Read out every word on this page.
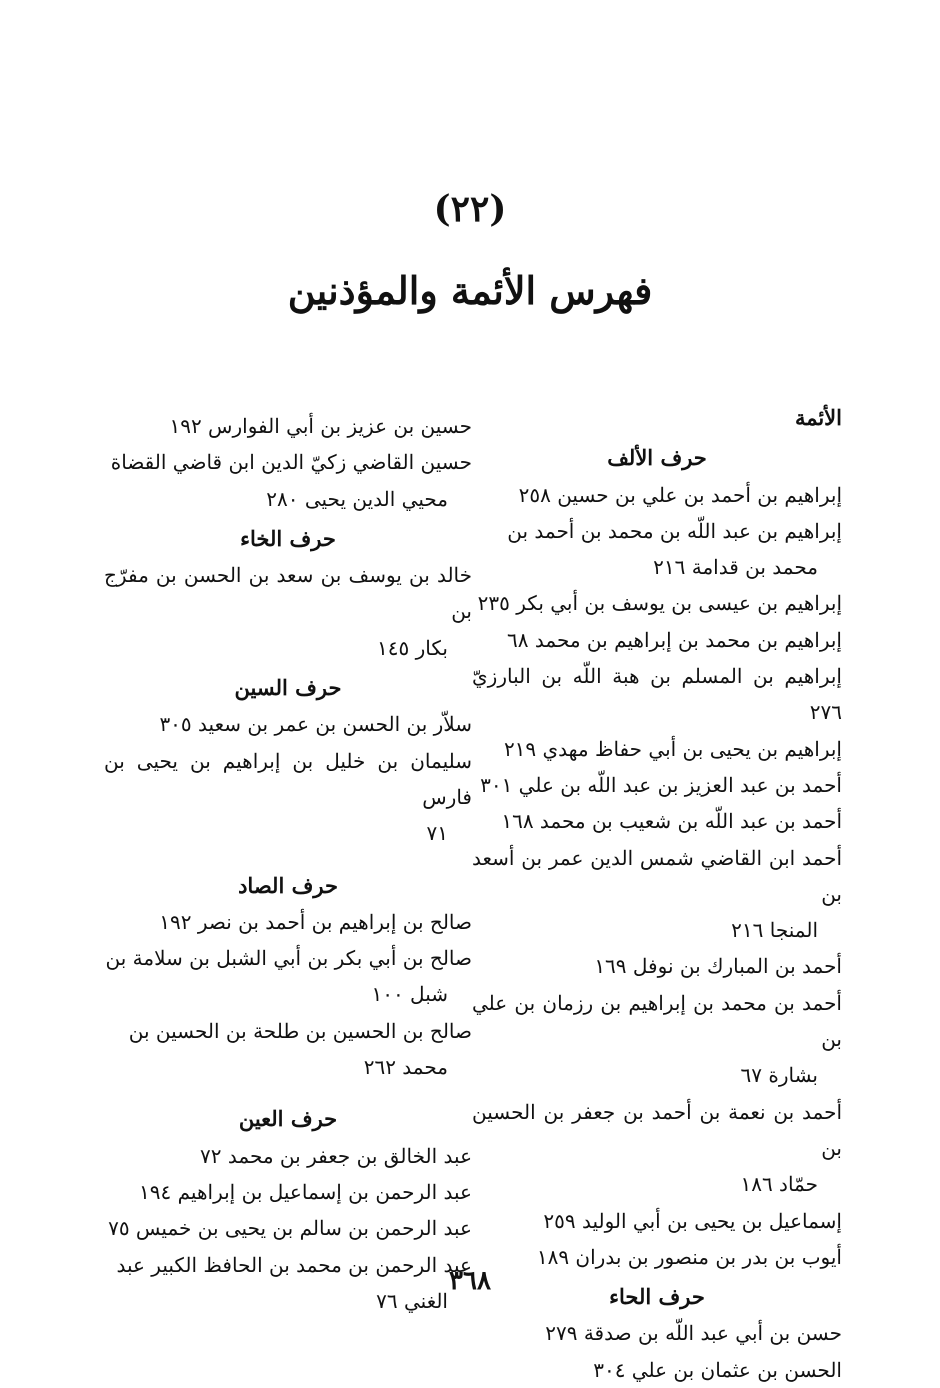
(٢٢)
فهرس الأئمة والمؤذنين
الأئمة
حرف الألف
إبراهيم بن أحمد بن علي بن حسين ٢٥٨
إبراهيم بن عبد اللّه بن محمد بن أحمد بن
محمد بن قدامة ٢١٦
إبراهيم بن عيسى بن يوسف بن أبي بكر ٢٣٥
إبراهيم بن محمد بن إبراهيم بن محمد ٦٨
إبراهيم بن المسلم بن هبة اللّه بن البارزيّ ٢٧٦
إبراهيم بن يحيى بن أبي حفاظ مهدي ٢١٩
أحمد بن عبد العزيز بن عبد اللّه بن علي ٣٠١
أحمد بن عبد اللّه بن شعيب بن محمد ١٦٨
أحمد ابن القاضي شمس الدين عمر بن أسعد بن
المنجا ٢١٦
أحمد بن المبارك بن نوفل ١٦٩
أحمد بن محمد بن إبراهيم بن رزمان بن علي بن
بشارة ٦٧
أحمد بن نعمة بن أحمد بن جعفر بن الحسين بن
حمّاد ١٨٦
إسماعيل بن يحيى بن أبي الوليد ٢٥٩
أيوب بن بدر بن منصور بن بدران ١٨٩
حرف الحاء
حسن بن أبي عبد اللّه بن صدقة ٢٧٩
الحسن بن عثمان بن علي ٣٠٤
حسين بن عزيز بن أبي الفوارس ١٩٢
حسين القاضي زكيّ الدين ابن قاضي القضاة
محيي الدين يحيى ٢٨٠
حرف الخاء
خالد بن يوسف بن سعد بن الحسن بن مفرّج بن
بكار ١٤٥
حرف السين
سلاّر بن الحسن بن عمر بن سعيد ٣٠٥
سليمان بن خليل بن إبراهيم بن يحيى بن فارس
٧١
حرف الصاد
صالح بن إبراهيم بن أحمد بن نصر ١٩٢
صالح بن أبي بكر بن أبي الشبل بن سلامة بن
شبل ١٠٠
صالح بن الحسين بن طلحة بن الحسين بن
محمد ٢٦٢
حرف العين
عبد الخالق بن جعفر بن محمد ٧٢
عبد الرحمن بن إسماعيل بن إبراهيم ١٩٤
عبد الرحمن بن سالم بن يحيى بن خميس ٧٥
عبد الرحمن بن محمد بن الحافظ الكبير عبد
الغني ٧٦
٣٦٨
